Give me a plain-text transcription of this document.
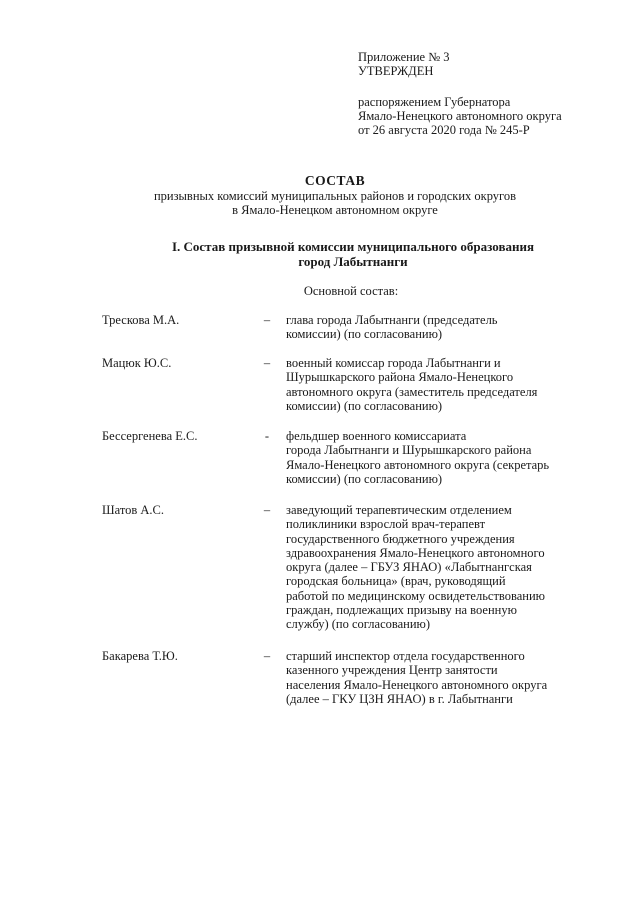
Приложение № 3
УТВЕРЖДЕН
распоряжением Губернатора
Ямало-Ненецкого автономного округа
от 26 августа 2020 года № 245-Р
СОСТАВ
призывных комиссий муниципальных районов и городских округов
в Ямало-Ненецком автономном округе
I. Состав призывной комиссии муниципального образования
город Лабытнанги
Основной состав:
Трескова М.А.	–	глава города Лабытнанги (председатель
комиссии) (по согласованию)
Мацюк Ю.С.	–	военный комиссар города Лабытнанги и
Шурышкарского района Ямало-Ненецкого
автономного округа (заместитель председателя
комиссии) (по согласованию)
Бессергенева Е.С.	-	фельдшер военного комиссариата
города Лабытнанги и Шурышкарского района
Ямало-Ненецкого автономного округа (секретарь
комиссии) (по согласованию)
Шатов А.С.	–	заведующий терапевтическим отделением
поликлиники взрослой врач-терапевт
государственного бюджетного учреждения
здравоохранения Ямало-Ненецкого автономного
округа (далее – ГБУЗ ЯНАО) «Лабытнангская
городская больница» (врач, руководящий
работой по медицинскому освидетельствованию
граждан, подлежащих призыву на военную
службу) (по согласованию)
Бакарева Т.Ю.	–	старший инспектор отдела государственного
казенного учреждения Центр занятости
населения Ямало-Ненецкого автономного округа
(далее – ГКУ ЦЗН ЯНАО) в г. Лабытнанги
